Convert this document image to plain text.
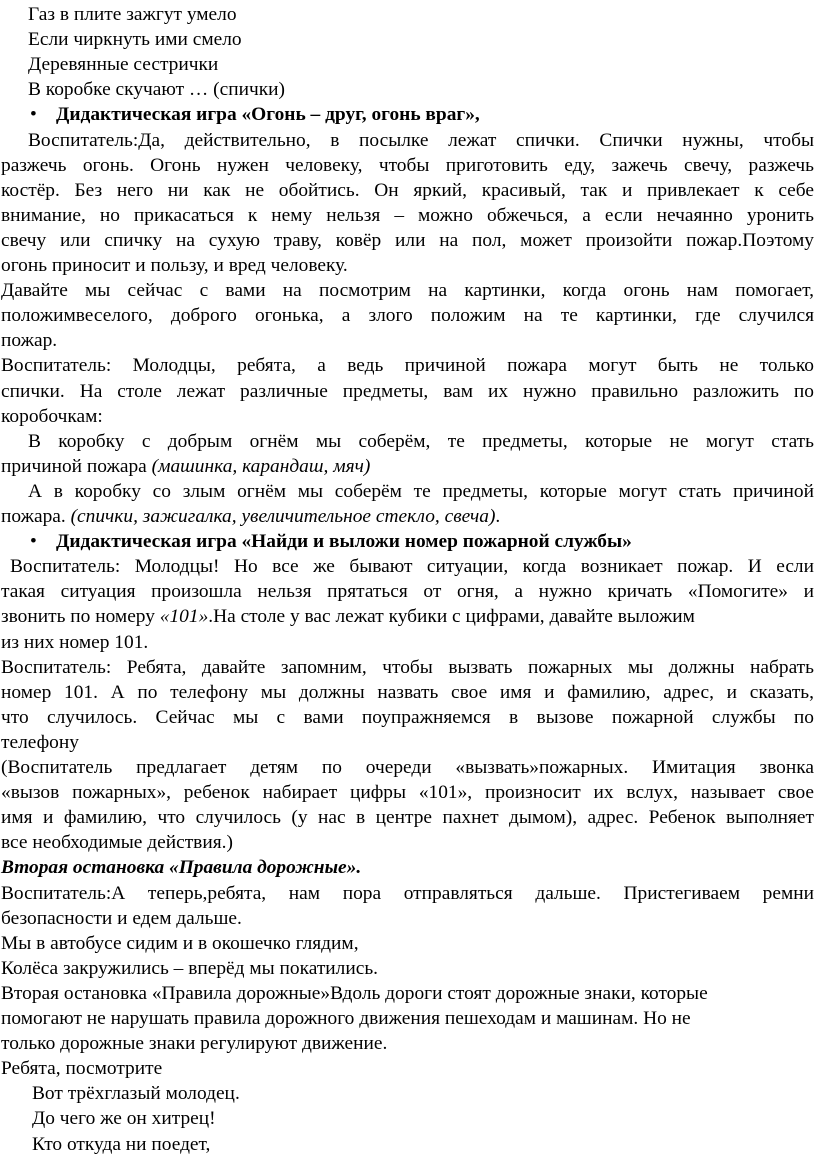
Газ в плите зажгут умело
Если чиркнуть ими смело
Деревянные сестрички
В коробке скучают … (спички)
• Дидактическая игра «Огонь – друг, огонь враг»,
Воспитатель:Да, действительно, в посылке лежат спички. Спички нужны, чтобы
разжечь огонь. Огонь нужен человеку, чтобы приготовить еду, зажечь свечу, разжечь
костёр. Без него ни как не обойтись. Он яркий, красивый, так и привлекает к себе
внимание, но прикасаться к нему нельзя – можно обжечься, а если нечаянно уронить
свечу или спичку на сухую траву, ковёр или на пол, может произойти пожар.Поэтому
огонь приносит и пользу, и вред человеку.
Давайте мы сейчас с вами на посмотрим на картинки, когда огонь нам помогает,
положимвеселого, доброго огонька, а злого положим на те картинки, где случился
пожар.
Воспитатель: Молодцы, ребята, а ведь причиной пожара могут быть не только
спички. На столе лежат различные предметы, вам их нужно правильно разложить по
коробочкам:
В коробку с добрым огнём мы соберём, те предметы, которые не могут стать
причиной пожара (машинка, карандаш, мяч)
А в коробку со злым огнём мы соберём те предметы, которые могут стать причиной
пожара. (спички, зажигалка, увеличительное стекло, свеча).
• Дидактическая игра «Найди и выложи номер пожарной службы»
Воспитатель: Молодцы! Но все же бывают ситуации, когда возникает пожар. И если
такая ситуация произошла нельзя прятаться от огня, а нужно кричать «Помогите» и
звонить по номеру «101».На столе у вас лежат кубики с цифрами, давайте выложим
из них номер 101.
Воспитатель: Ребята, давайте запомним, чтобы вызвать пожарных мы должны набрать
номер 101. А по телефону мы должны назвать свое имя и фамилию, адрес, и сказать,
что случилось. Сейчас мы с вами поупражняемся в вызове пожарной службы по
телефону
(Воспитатель предлагает детям по очереди «вызвать»пожарных. Имитация звонка
«вызов пожарных», ребенок набирает цифры «101», произносит их вслух, называет свое
имя и фамилию, что случилось (у нас в центре пахнет дымом), адрес. Ребенок выполняет
все необходимые действия.)
Вторая остановка «Правила дорожные».
Воспитатель:А теперь,ребята, нам пора отправляться дальше. Пристегиваем ремни
безопасности и едем дальше.
Мы в автобусе сидим и в окошечко глядим,
Колёса закружились – вперёд мы покатились.
Вторая остановка «Правила дорожные»Вдоль дороги стоят дорожные знаки, которые
помогают не нарушать правила дорожного движения пешеходам и машинам. Но не
только дорожные знаки регулируют движение.
Ребята, посмотрите
Вот трёхглазый молодец.
До чего же он хитрец!
Кто откуда ни поедет,
